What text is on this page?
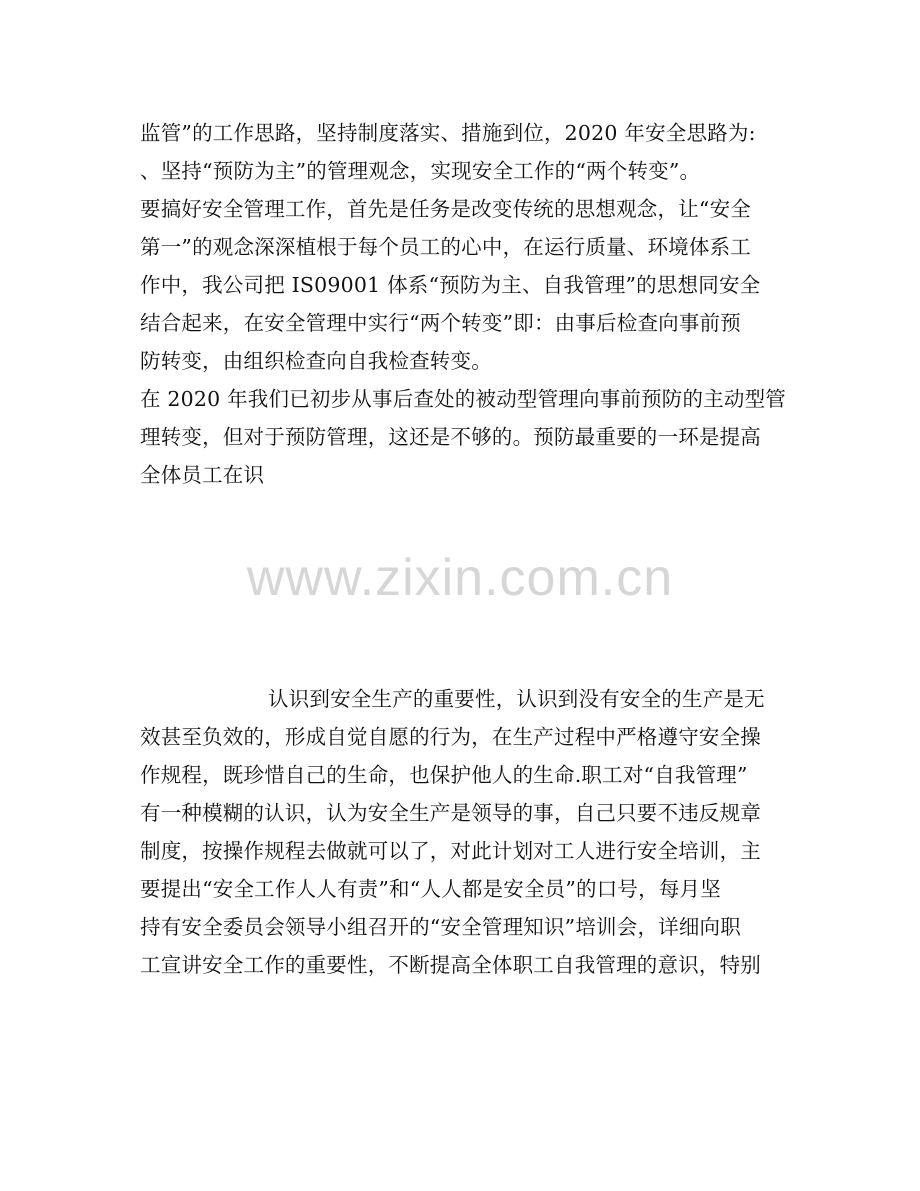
监管”的工作思路，坚持制度落实、措施到位，2020 年安全思路为:
、坚持“预防为主”的管理观念，实现安全工作的“两个转变”。
要搞好安全管理工作，首先是任务是改变传统的思想观念，让“安全
第一”的观念深深植根于每个员工的心中，在运行质量、环境体系工
作中，我公司把 IS09001 体系“预防为主、自我管理”的思想同安全
结合起来，在安全管理中实行“两个转变”即：由事后检查向事前预
防转变，由组织检查向自我检查转变。
在 2020 年我们已初步从事后查处的被动型管理向事前预防的主动型管
理转变，但对于预防管理，这还是不够的。预防最重要的一环是提高
全体员工在识
www.zixin.com.cn
认识到安全生产的重要性，认识到没有安全的生产是无
效甚至负效的，形成自觉自愿的行为，在生产过程中严格遵守安全操
作规程，既珍惜自己的生命，也保护他人的生命.职工对“自我管理”
有一种模糊的认识，认为安全生产是领导的事，自己只要不违反规章
制度，按操作规程去做就可以了，对此计划对工人进行安全培训，主
要提出“安全工作人人有责”和“人人都是安全员”的口号，每月坚
持有安全委员会领导小组召开的“安全管理知识”培训会，详细向职
工宣讲安全工作的重要性，不断提高全体职工自我管理的意识，特别
